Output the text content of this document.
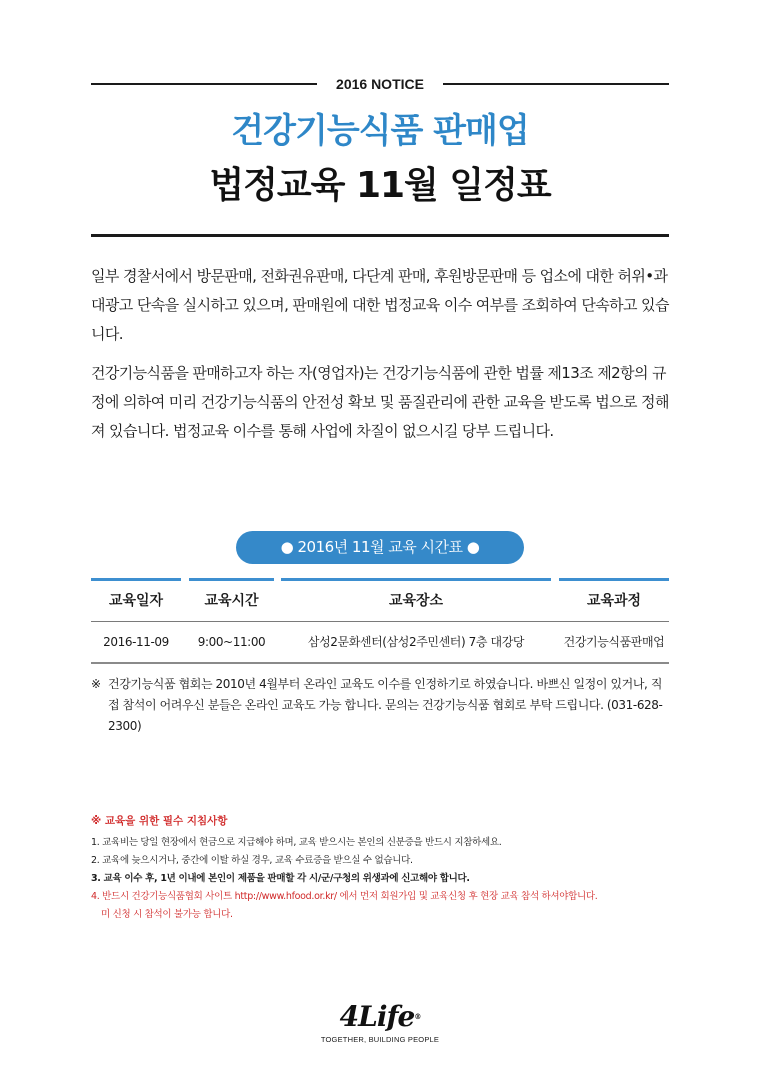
2016 NOTICE
건강기능식품 판매업
법정교육 11월 일정표

일부 경찰서에서 방문판매, 전화권유판매, 다단계 판매, 후원방문판매 등 업소에 대한 허위•과대광고 단속을 실시하고 있으며, 판매원에 대한 법정교육 이수 여부를 조회하여 단속하고 있습니다.

건강기능식품을 판매하고자 하는 자(영업자)는 건강기능식품에 관한 법률 제13조 제2항의 규정에 의하여 미리 건강기능식품의 안전성 확보 및 품질관리에 관한 교육을 받도록 법으로 정해져 있습니다. 법정교육 이수를 통해 사업에 차질이 없으시길 당부 드립니다.

● 2016년 11월 교육 시간표 ●
교육일자	교육시간	교육장소	교육과정
2016-11-09	9:00~11:00	삼성2문화센터(삼성2주민센터) 7층 대강당	건강기능식품판매업
※ 건강기능식품 협회는 2010년 4월부터 온라인 교육도 이수를 인정하기로 하였습니다. 바쁘신 일정이 있거나, 직접 참석이 어려우신 분들은 온라인 교육도 가능 합니다. 문의는 건강기능식품 협회로 부탁 드립니다. (031-628-2300)
※ 교육을 위한 필수 지침사항
1. 교육비는 당일 현장에서 현금으로 지급해야 하며, 교육 받으시는 본인의 신분증을 반드시 지참하세요.
2. 교육에 늦으시거나, 중간에 이탈 하실 경우, 교육 수료증을 받으실 수 없습니다.
3. 교육 이수 후, 1년 이내에 본인이 제품을 판매할 각 시/군/구청의 위생과에 신고해야 합니다.
4. 반드시 건강기능식품협회 사이트 http://www.hfood.or.kr/ 에서 먼저 회원가입 및 교육신청 후 현장 교육 참석 하셔야합니다.
미 신청 시 참석이 불가능 합니다.
4Life®
TOGETHER, BUILDING PEOPLE
